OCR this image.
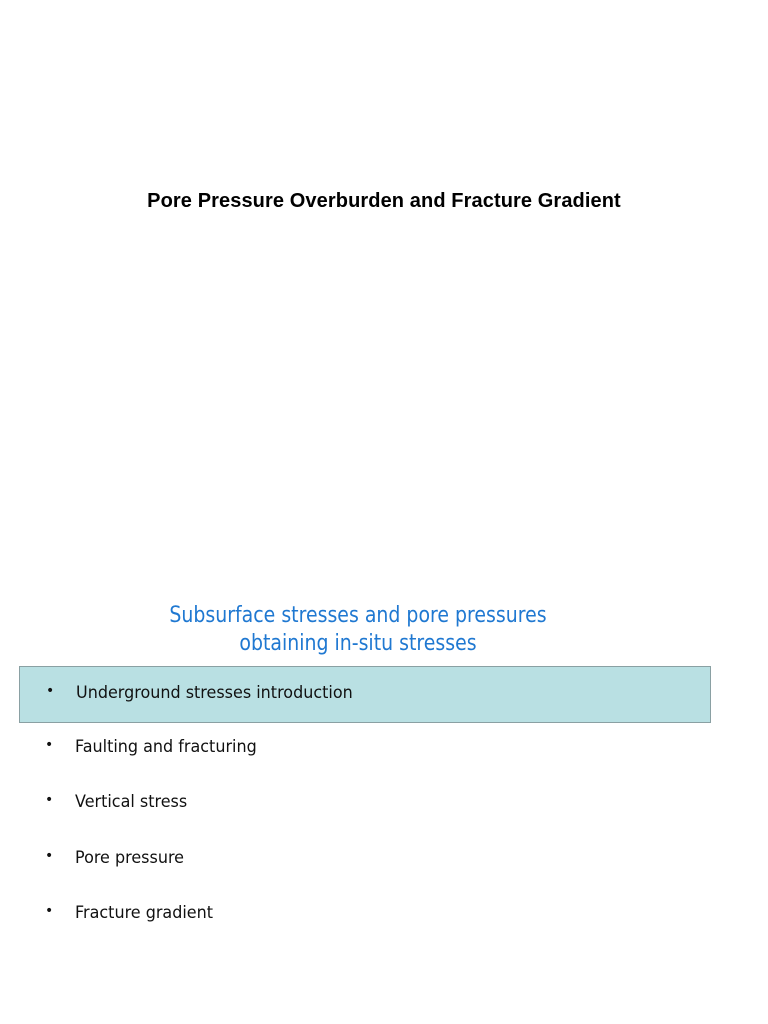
Pore Pressure Overburden and Fracture Gradient
Subsurface stresses and pore pressures
obtaining in-situ stresses
• Underground stresses introduction
• Faulting and fracturing
• Vertical stress
• Pore pressure
• Fracture gradient
